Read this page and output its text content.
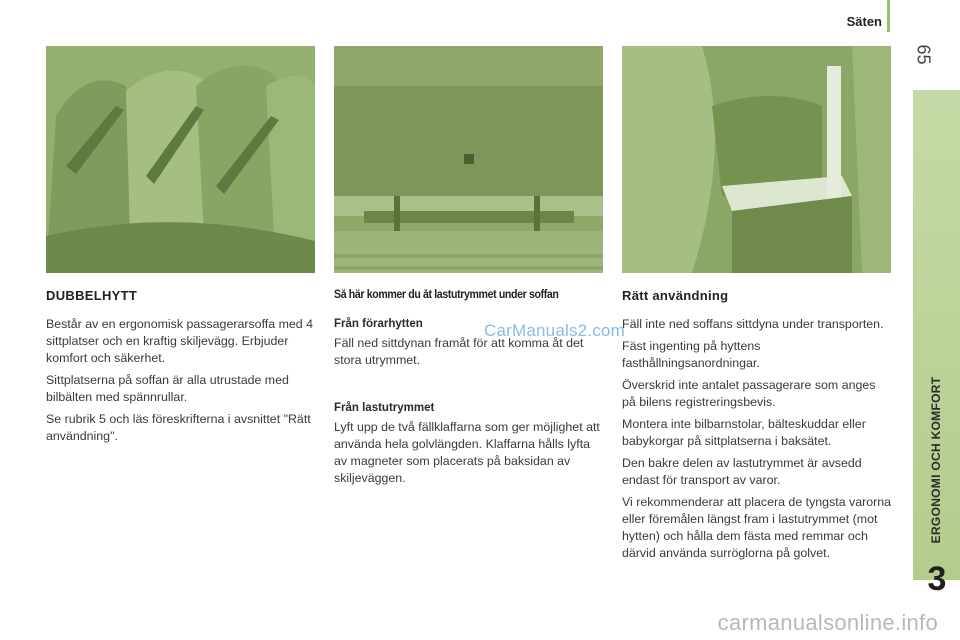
Säten
65
ERGONOMI OCH KOMFORT
3
DUBBELHYTT

Består av en ergonomisk passagerarsoffa med 4 sittplatser och en kraftig skiljevägg. Erbjuder komfort och säkerhet.

Sittplatserna på soffan är alla utrustade med bilbälten med spännrullar.

Se rubrik 5 och läs föreskrifterna i avsnittet "Rätt användning".

Så här kommer du åt lastutrymmet under soffan
Från förarhytten

Fäll ned sittdynan framåt för att komma åt det stora utrymmet.

Från lastutrymmet

Lyft upp de två fällklaffarna som ger möjlighet att använda hela golvlängden. Klaffarna hålls lyfta av magneter som placerats på baksidan av skiljeväggen.

Rätt användning

Fäll inte ned soffans sittdyna under transporten.

Fäst ingenting på hyttens fasthållningsanordningar.

Överskrid inte antalet passagerare som anges på bilens registreringsbevis.

Montera inte bilbarnstolar, bälteskuddar eller babykorgar på sittplatserna i baksätet.

Den bakre delen av lastutrymmet är avsedd endast för transport av varor.

Vi rekommenderar att placera de tyngsta varorna eller föremålen längst fram i lastutrymmet (mot hytten) och hålla dem fästa med remmar och därvid använda surröglorna på golvet.

CarManuals2.com
carmanualsonline.info
